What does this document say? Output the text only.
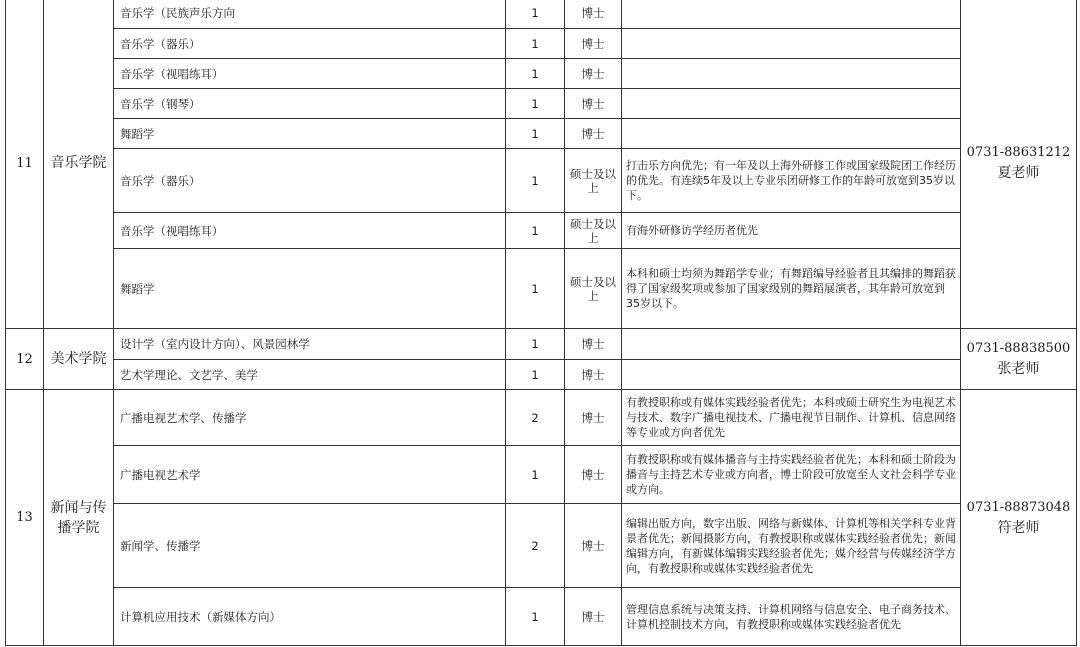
11	音乐学院	音乐学（民族声乐方向	1	博士		0731-88631212
夏老师

		音乐学（器乐）	1	博士		
		音乐学（视唱练耳）	1	博士		
		音乐学（钢琴）	1	博士		
		舞蹈学	1	博士		
		音乐学（器乐）	1	硕士及以上	打击乐方向优先；有一年及以上海外研修工作或国家级院团工作经历的优先。有连续5年及以上专业乐团研修工作的年龄可放宽到35岁以下。	
		音乐学（视唱练耳）	1	硕士及以上	有海外研修访学经历者优先	
		舞蹈学	1	硕士及以上	本科和硕士均须为舞蹈学专业；有舞蹈编导经验者且其编排的舞蹈获得了国家级奖项或参加了国家级别的舞蹈展演者，其年龄可放宽到35岁以下。	
12	美术学院	设计学（室内设计方向）、风景园林学	1	博士		0731-88838500
张老师

		艺术学理论、文艺学、美学	1	博士		
13	新闻与传播学院	广播电视艺术学、传播学	2	博士	有教授职称或有媒体实践经验者优先；本科或硕士研究生为电视艺术与技术、数字广播电视技术、广播电视节目制作、计算机、信息网络等专业或方向者优先	0731-88873048
符老师

		广播电视艺术学	1	博士	有教授职称或有媒体播音与主持实践经验者优先；本科和硕士阶段为播音与主持艺术专业或方向者，博士阶段可放宽至人文社会科学专业或方向。	
		新闻学、传播学	2	博士	编辑出版方向，数字出版、网络与新媒体、计算机等相关学科专业背景者优先；新闻摄影方向，有教授职称或媒体实践经验者优先；新闻编辑方向，有新媒体编辑实践经验者优先；媒介经营与传媒经济学方向，有教授职称或媒体实践经验者优先	
		计算机应用技术（新媒体方向）	1	博士	管理信息系统与决策支持、计算机网络与信息安全、电子商务技术、计算机控制技术方向，有教授职称或媒体实践经验者优先	
